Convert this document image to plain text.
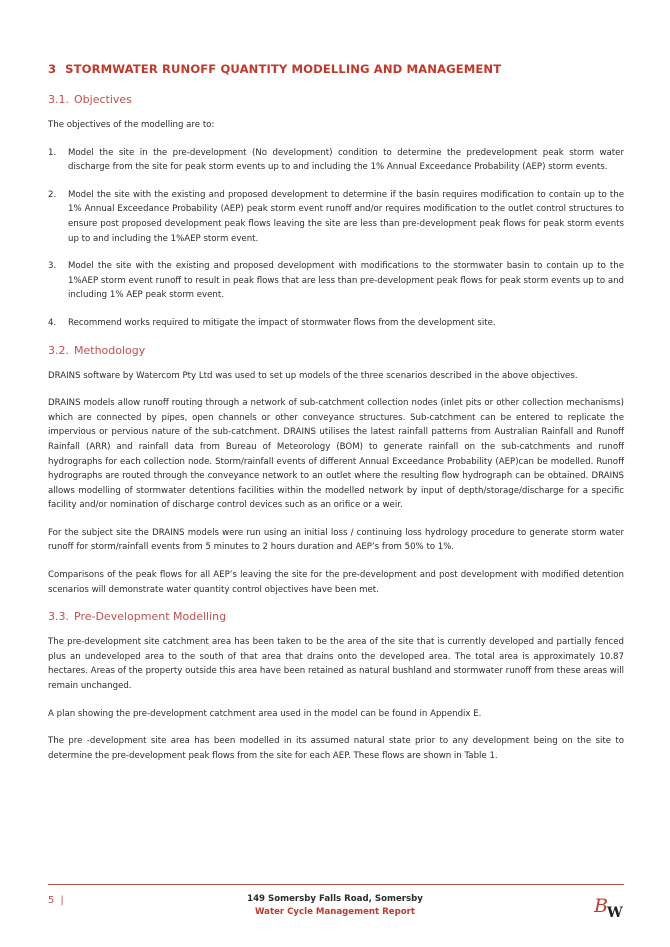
3 STORMWATER RUNOFF QUANTITY MODELLING AND MANAGEMENT
3.1. Objectives

The objectives of the modelling are to:

1. Model the site in the pre-development (No development) condition to determine the predevelopment peak storm water discharge from the site for peak storm events up to and including the 1% Annual Exceedance Probability (AEP) storm events.
2. Model the site with the existing and proposed development to determine if the basin requires modification to contain up to the 1% Annual Exceedance Probability (AEP) peak storm event runoff and/or requires modification to the outlet control structures to ensure post proposed development peak flows leaving the site are less than pre-development peak flows for peak storm events up to and including the 1%AEP storm event.
3. Model the site with the existing and proposed development with modifications to the stormwater basin to contain up to the 1%AEP storm event runoff to result in peak flows that are less than pre-development peak flows for peak storm events up to and including 1% AEP peak storm event.
4. Recommend works required to mitigate the impact of stormwater flows from the development site.
3.2. Methodology

DRAINS software by Watercom Pty Ltd was used to set up models of the three scenarios described in the above objectives.

DRAINS models allow runoff routing through a network of sub-catchment collection nodes (inlet pits or other collection mechanisms) which are connected by pipes, open channels or other conveyance structures. Sub-catchment can be entered to replicate the impervious or pervious nature of the sub-catchment. DRAINS utilises the latest rainfall patterns from Australian Rainfall and Runoff Rainfall (ARR) and rainfall data from Bureau of Meteorology (BOM) to generate rainfall on the sub-catchments and runoff hydrographs for each collection node. Storm/rainfall events of different Annual Exceedance Probability (AEP)can be modelled. Runoff hydrographs are routed through the conveyance network to an outlet where the resulting flow hydrograph can be obtained. DRAINS allows modelling of stormwater detentions facilities within the modelled network by input of depth/storage/discharge for a specific facility and/or nomination of discharge control devices such as an orifice or a weir.

For the subject site the DRAINS models were run using an initial loss / continuing loss hydrology procedure to generate storm water runoff for storm/rainfall events from 5 minutes to 2 hours duration and AEP’s from 50% to 1%.

Comparisons of the peak flows for all AEP’s leaving the site for the pre-development and post development with modified detention scenarios will demonstrate water quantity control objectives have been met.

3.3. Pre-Development Modelling

The pre-development site catchment area has been taken to be the area of the site that is currently developed and partially fenced plus an undeveloped area to the south of that area that drains onto the developed area. The total area is approximately 10.87 hectares. Areas of the property outside this area have been retained as natural bushland and stormwater runoff from these areas will remain unchanged.

A plan showing the pre-development catchment area used in the model can be found in Appendix E.

The pre -development site area has been modelled in its assumed natural state prior to any development being on the site to determine the pre-development peak flows from the site for each AEP. These flows are shown in Table 1.

5 |	149 Somersby Falls Road, Somersby
Water Cycle Management Report	B W
